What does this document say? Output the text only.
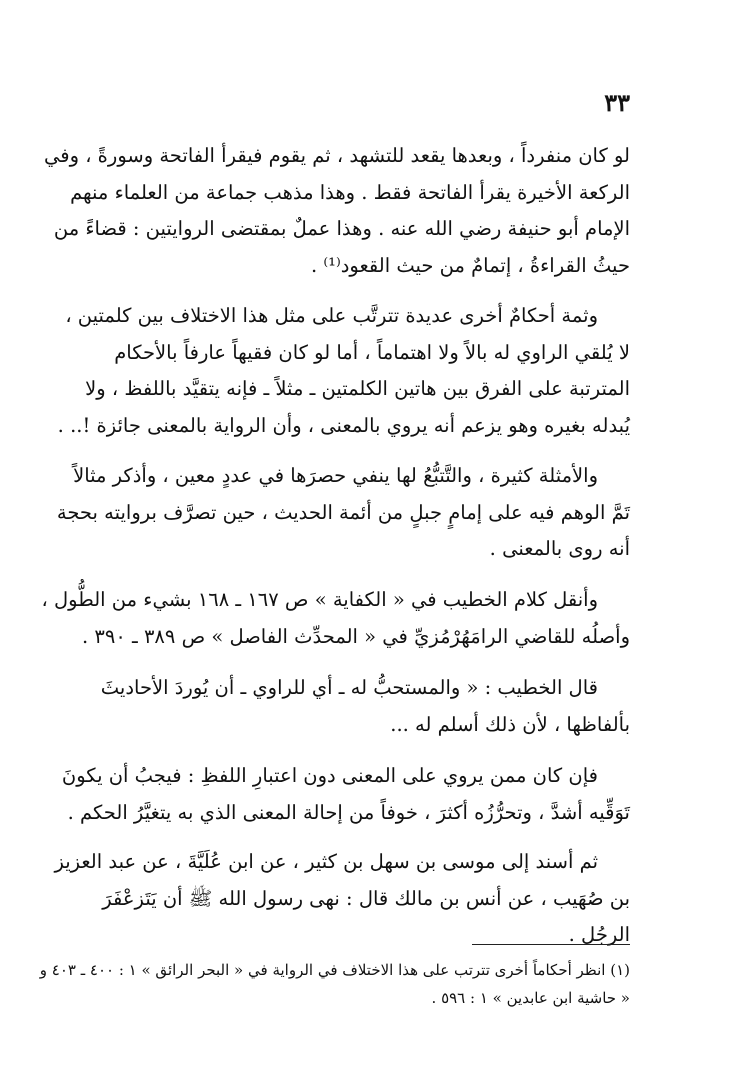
٣٣
لو كان منفرداً ، وبعدها يقعد للتشهد ، ثم يقوم فيقرأ الفاتحة وسورةً ، وفي
الركعة الأخيرة يقرأ الفاتحة فقط . وهذا مذهب جماعة من العلماء منهم
الإمام أبو حنيفة رضي الله عنه . وهذا عملٌ بمقتضى الروايتين : قضاءً من
حيثُ القراءةُ ، إتمامٌ من حيث القعود⁽¹⁾ .
وثمة أحكامٌ أخرى عديدة تترتَّب على مثل هذا الاختلاف بين كلمتين ،
لا يُلقي الراوي له بالاً ولا اهتماماً ، أما لو كان فقيهاً عارفاً بالأحكام
المترتبة على الفرق بين هاتين الكلمتين ـ مثلاً ـ فإنه يتقيَّد باللفظ ، ولا
يُبدله بغيره وهو يزعم أنه يروي بالمعنى ، وأن الرواية بالمعنى جائزة !.. .
والأمثلة كثيرة ، والتَّتبُّعُ لها ينفي حصرَها في عددٍ معين ، وأذكر مثالاً
تَمَّ الوهم فيه على إمامٍ جبلٍ من أئمة الحديث ، حين تصرَّف بروايته بحجة
أنه روى بالمعنى .
وأنقل كلام الخطيب في « الكفاية » ص ١٦٧ ـ ١٦٨ بشيء من الطُّول ،
وأصلُه للقاضي الرامَهُرْمُزيِّ في « المحدِّث الفاصل » ص ٣٨٩ ـ ٣٩٠ .
قال الخطيب : « والمستحبُّ له ـ أي للراوي ـ أن يُوردَ الأحاديثَ
بألفاظها ، لأن ذلك أسلم له ...
فإن كان ممن يروي على المعنى دون اعتبارِ اللفظِ : فيجبُ أن يكونَ
تَوَقِّيه أشدَّ ، وتحرُّزُه أكثرَ ، خوفاً من إحالة المعنى الذي به يتغيَّرُ الحكم .
ثم أسند إلى موسى بن سهل بن كثير ، عن ابن عُلَيَّةَ ، عن عبد العزيز
بن صُهَيب ، عن أنس بن مالك قال : نهى رسول الله ﷺ أن يَتَزعْفَرَ
الرجُل .
(١) انظر أحكاماً أخرى تترتب على هذا الاختلاف في الرواية في « البحر الرائق » ١ : ٤٠٠ ـ ٤٠٣ و
« حاشية ابن عابدين » ١ : ٥٩٦ .
